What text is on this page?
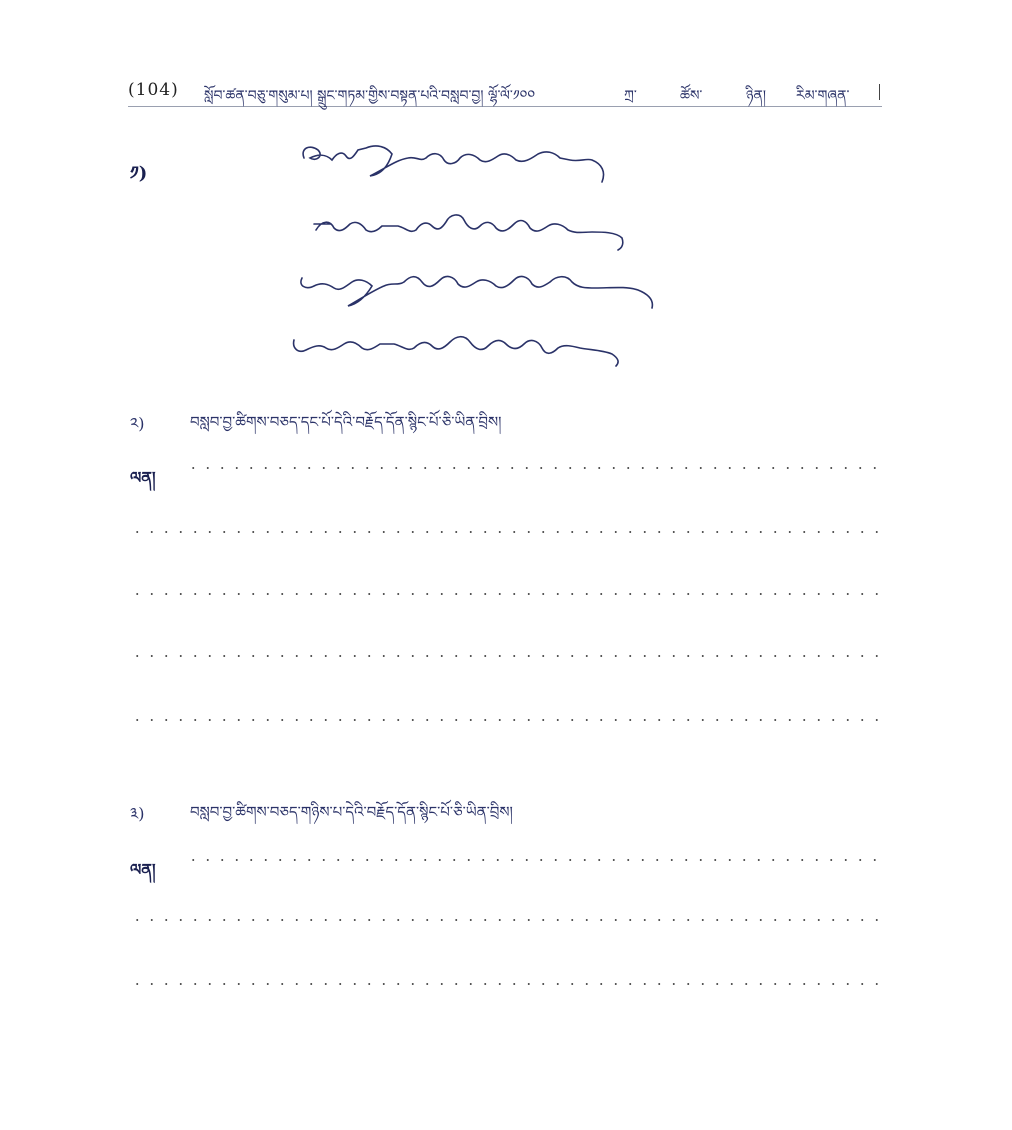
(104) སློབ་ཚན་བཅུ་གསུམ་པ། སྒྲུང་གཏམ་གྱིས་བསྟན་པའི་བསླབ་བྱ། ལྷོ་ལོ་༡༠༠	ཀྲ་	ཚོས་	ཉིན། རིམ་གཞན་
༡)
༢)	བསླབ་བྱ་ཚིགས་བཅད་དང་པོ་དེའི་བརྗོད་དོན་སྙིང་པོ་ཅི་ཡིན་བྲིས།
ལན།
༣)	བསླབ་བྱ་ཚིགས་བཅད་གཉིས་པ་དེའི་བརྗོད་དོན་སྙིང་པོ་ཅི་ཡིན་བྲིས།
ལན།
